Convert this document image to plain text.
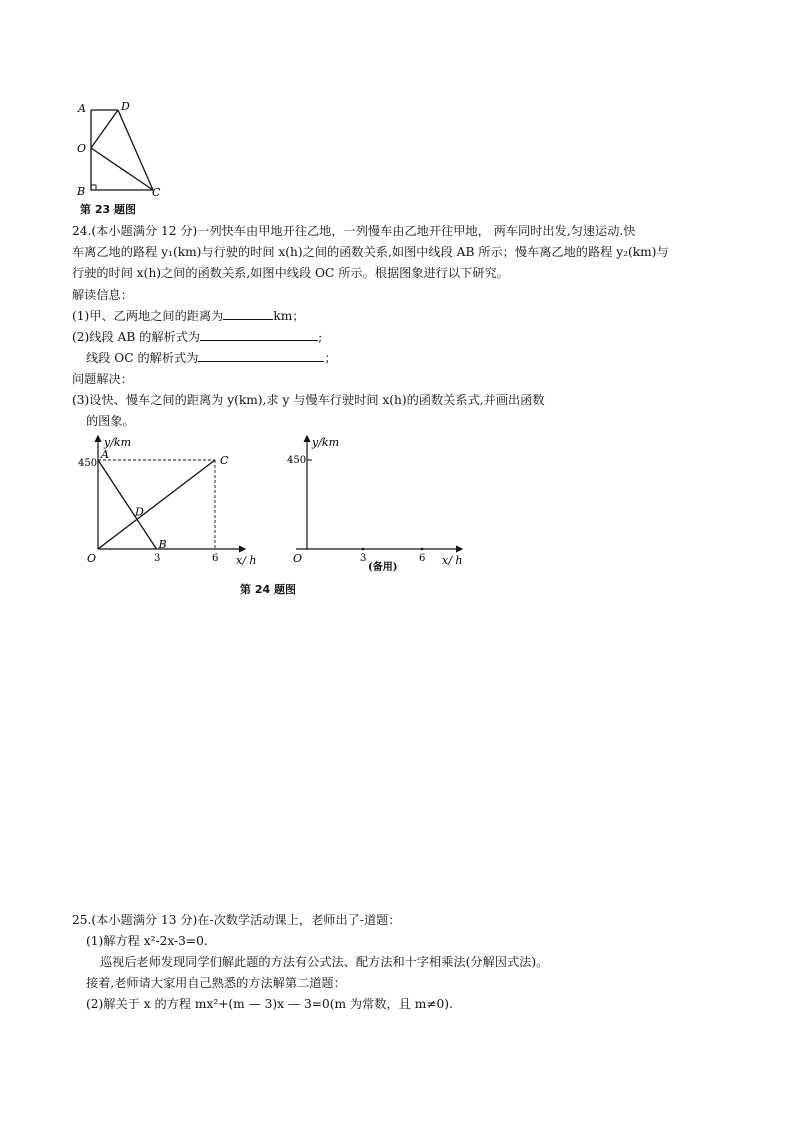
A	D
O
B	C
第 23 题图
24.(本小题满分 12 分)一列快车由甲地开往乙地，一列慢车由乙地开往甲地， 两车同时出发,匀速运动.快
车离乙地的路程 y₁(km)与行驶的时间 x(h)之间的函数关系,如图中线段 AB 所示；慢车离乙地的路程 y₂(km)与
行驶的时间 x(h)之间的函数关系,如图中线段 OC 所示。根据图象进行以下研究。
解读信息：
(1)甲、乙两地之间的距离为	km；
(2)线段 AB 的解析式为	;
线段 OC 的解析式为	；
问题解决：
(3)设快、慢车之间的距离为 y(km),求 y 与慢车行驶时间 x(h)的函数关系式,并画出函数
的图象。
y/km
x/ h
O
450
3	6
A
B
C
D
y/km
450
O	3	6 x/ h
(备用)
第 24 题图
25.(本小题满分 13 分)在-次数学活动课上，老师出了-道题：
(1)解方程 x²-2x-3=0.
巡视后老师发现同学们解此题的方法有公式法、配方法和十字相乘法(分解因式法)。
接着,老师请大家用自己熟悉的方法解第二道题：
(2)解关于 x 的方程 mx²+(m — 3)x — 3=0(m 为常数，且 m≠0).
